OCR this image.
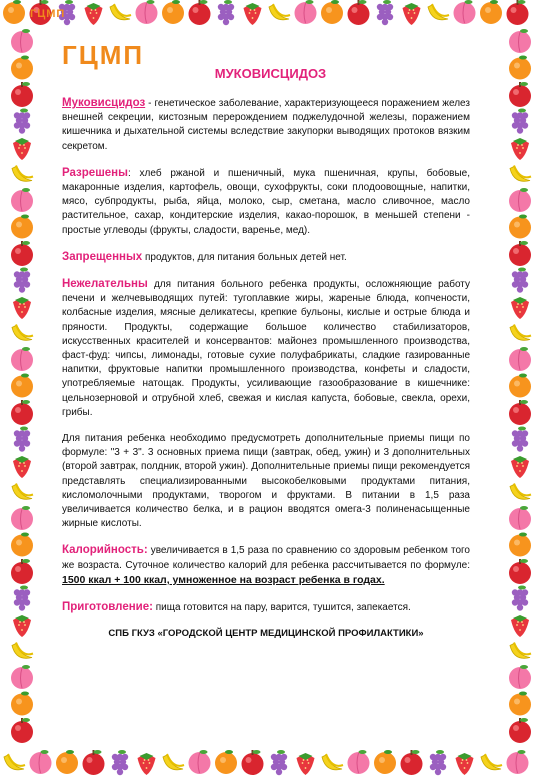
ГЦМП
ГЦМП
МУКОВИСЦИДОЗ

Муковисцидоз - генетическое заболевание, характеризующееся поражением желез внешней секреции, кистозным перерождением поджелудочной железы, поражением кишечника и дыхательной системы вследствие закупорки выводящих протоков вязким секретом.

Разрешены: хлеб ржаной и пшеничный, мука пшеничная, крупы, бобовые, макаронные изделия, картофель, овощи, сухофрукты, соки плодоовощные, напитки, мясо, субпродукты, рыба, яйца, молоко, сыр, сметана, масло сливочное, масло растительное, сахар, кондитерские изделия, какао-порошок, в меньшей степени - простые углеводы (фрукты, сладости, варенье, мед).

Запрещенных продуктов, для питания больных детей нет.

Нежелательны для питания больного ребенка продукты, осложняющие работу печени и желчевыводящих путей: тугоплавкие жиры, жареные блюда, копчености, колбасные изделия, мясные деликатесы, крепкие бульоны, кислые и острые блюда и пряности. Продукты, содержащие большое количество стабилизаторов, искусственных красителей и консервантов: майонез промышленного производства, фаст-фуд: чипсы, лимонады, готовые сухие полуфабрикаты, сладкие газированные напитки, фруктовые напитки промышленного производства, конфеты и сладости, употребляемые натощак. Продукты, усиливающие газообразование в кишечнике: цельнозерновой и отрубной хлеб, свежая и кислая капуста, бобовые, свекла, орехи, грибы.

Для питания ребенка необходимо предусмотреть дополнительные приемы пищи по формуле: "3 + 3". 3 основных приема пищи (завтрак, обед, ужин) и 3 дополнительных (второй завтрак, полдник, второй ужин). Дополнительные приемы пищи рекомендуется представлять специализированными высокобелковыми продуктами питания, кисломолочными продуктами, творогом и фруктами. В питании в 1,5 раза увеличивается количество белка, и в рацион вводятся омега-3 полиненасыщенные жирные кислоты.

Калорийность: увеличивается в 1,5 раза по сравнению со здоровым ребенком того же возраста. Суточное количество калорий для ребенка рассчитывается по формуле: 1500 ккал + 100 ккал, умноженное на возраст ребенка в годах.

Приготовление: пища готовится на пару, варится, тушится, запекается.

СПБ ГКУЗ «ГОРОДСКОЙ ЦЕНТР МЕДИЦИНСКОЙ ПРОФИЛАКТИКИ»
